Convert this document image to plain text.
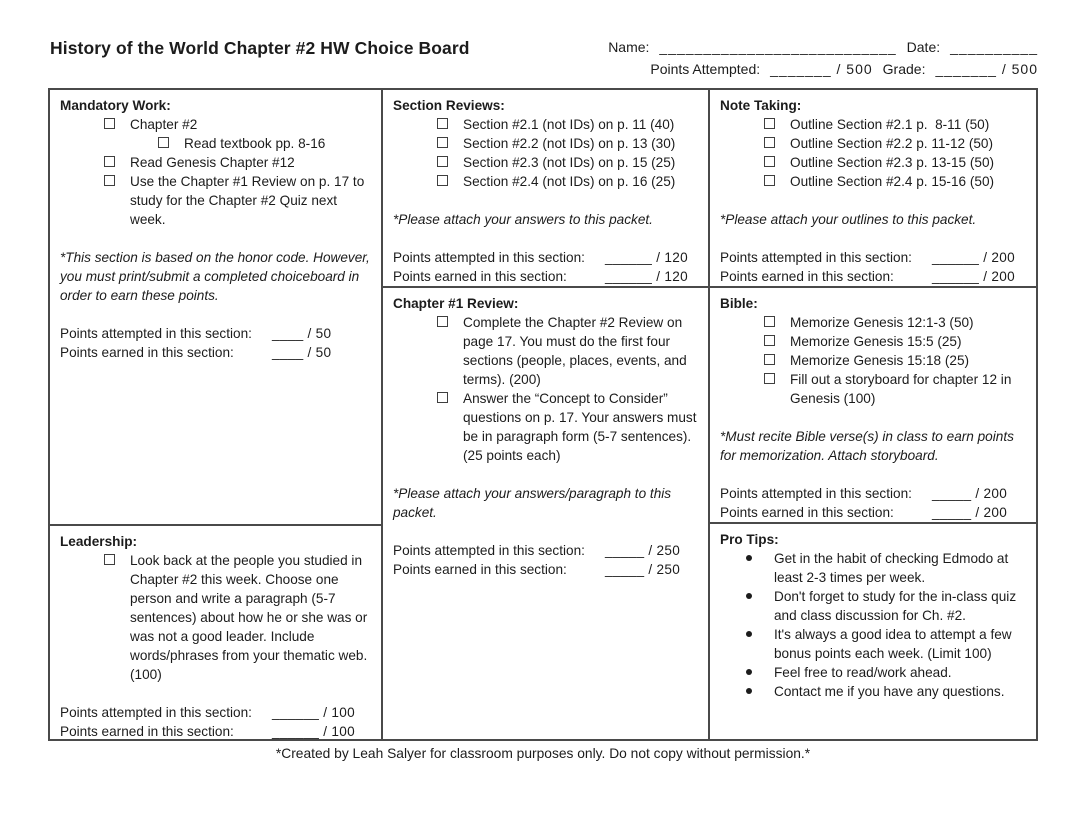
History of the World Chapter #2 HW Choice Board	Name: ___________________________ Date: __________
Points Attempted: _______ / 500 Grade: _______ / 500
Mandatory Work:
Chapter #2
Read textbook pp. 8-16
Read Genesis Chapter #12
Use the Chapter #1 Review on p. 17 to study for the Chapter #2 Quiz next week.

*This section is based on the honor code. However, you must print/submit a completed choiceboard in order to earn these points.

Points attempted in this section:	____ / 50
Points earned in this section:	____ / 50
Leadership:
Look back at the people you studied in Chapter #2 this week. Choose one person and write a paragraph (5-7 sentences) about how he or she was or was not a good leader. Include words/phrases from your thematic web. (100)
Points attempted in this section:	______ / 100
Points earned in this section:	______ / 100
Section Reviews:
Section #2.1 (not IDs) on p. 11 (40)
Section #2.2 (not IDs) on p. 13 (30)
Section #2.3 (not IDs) on p. 15 (25)
Section #2.4 (not IDs) on p. 16 (25)

*Please attach your answers to this packet.

Points attempted in this section:	______ / 120
Points earned in this section:	______ / 120
Chapter #1 Review:
Complete the Chapter #2 Review on page 17. You must do the first four sections (people, places, events, and terms). (200)
Answer the “Concept to Consider” questions on p. 17. Your answers must be in paragraph form (5-7 sentences). (25 points each)

*Please attach your answers/paragraph to this packet.

Points attempted in this section:	_____ / 250
Points earned in this section:	_____ / 250
Note Taking:
Outline Section #2.1 p.  8-11 (50)
Outline Section #2.2 p. 11-12 (50)
Outline Section #2.3 p. 13-15 (50)
Outline Section #2.4 p. 15-16 (50)

*Please attach your outlines to this packet.

Points attempted in this section:	______ / 200
Points earned in this section:	______ / 200
Bible:
Memorize Genesis 12:1-3 (50)
Memorize Genesis 15:5 (25)
Memorize Genesis 15:18 (25)
Fill out a storyboard for chapter 12 in Genesis (100)

*Must recite Bible verse(s) in class to earn points for memorization. Attach storyboard.

Points attempted in this section:	_____ / 200
Points earned in this section:	_____ / 200
Pro Tips:
Get in the habit of checking Edmodo at least 2-3 times per week.
Don't forget to study for the in-class quiz and class discussion for Ch. #2.
It's always a good idea to attempt a few bonus points each week. (Limit 100)
Feel free to read/work ahead.
Contact me if you have any questions.
*Created by Leah Salyer for classroom purposes only. Do not copy without permission.*
